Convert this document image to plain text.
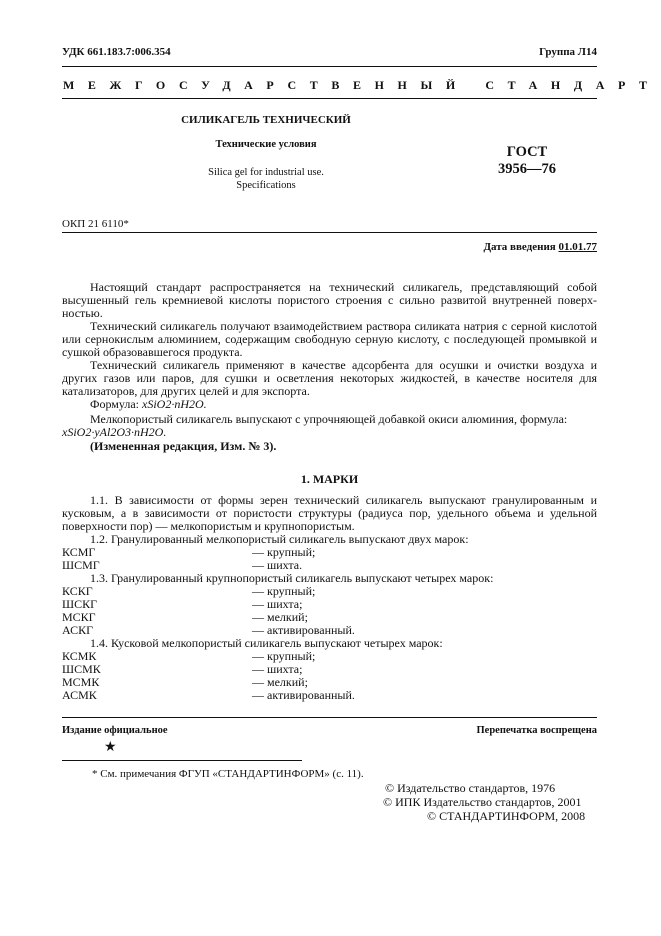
УДК 661.183.7:006.354	Группа Л14
МЕЖГОСУДАРСТВЕННЫЙ СТАНДАРТ
СИЛИКАГЕЛЬ ТЕХНИЧЕСКИЙ
Технические условия
Silica gel for industrial use.
Specifications
ГОСТ
3956—76
ОКП 21 6110*
Дата введения 01.01.77

Настоящий стандарт распространяется на технический силикагель, представляющий собой высушенный гель кремниевой кислоты пористого строения с сильно развитой внутренней поверх-ностью.

Технический силикагель получают взаимодействием раствора силиката натрия с серной кислотой или сернокислым алюминием, содержащим свободную серную кислоту, с последующей промывкой и сушкой образовавшегося продукта.

Технический силикагель применяют в качестве адсорбента для осушки и очистки воздуха и других газов или паров, для сушки и осветления некоторых жидкостей, в качестве носителя для катализаторов, для других целей и для экспорта.

Формула: xSiO2·nH2O.

Мелкопористый силикагель выпускают с упрочняющей добавкой окиси алюминия, формула:

xSiO2·yAl2O3·nH2O.
(Измененная редакция, Изм. № 3).
1. МАРКИ

1.1. В зависимости от формы зерен технический силикагель выпускают гранулированным и кусковым, а в зависимости от пористости структуры (радиуса пор, удельного объема и удельной поверхности пор) — мелкопористым и крупнопористым.

1.2. Гранулированный мелкопористый силикагель выпускают двух марок:

КСМГ	— крупный;
ШСМГ	— шихта.

1.3. Гранулированный крупнопористый силикагель выпускают четырех марок:

КСКГ	— крупный;
ШСКГ	— шихта;
МСКГ	— мелкий;
АСКГ	— активированный.

1.4. Кусковой мелкопористый силикагель выпускают четырех марок:

КСМК	— крупный;
ШСМК	— шихта;
МСМК	— мелкий;
АСМК	— активированный.
Издание официальное	Перепечатка воспрещена
★
* См. примечания ФГУП «СТАНДАРТИНФОРМ» (с. 11).
© Издательство стандартов, 1976
© ИПК Издательство стандартов, 2001
© СТАНДАРТИНФОРМ, 2008
